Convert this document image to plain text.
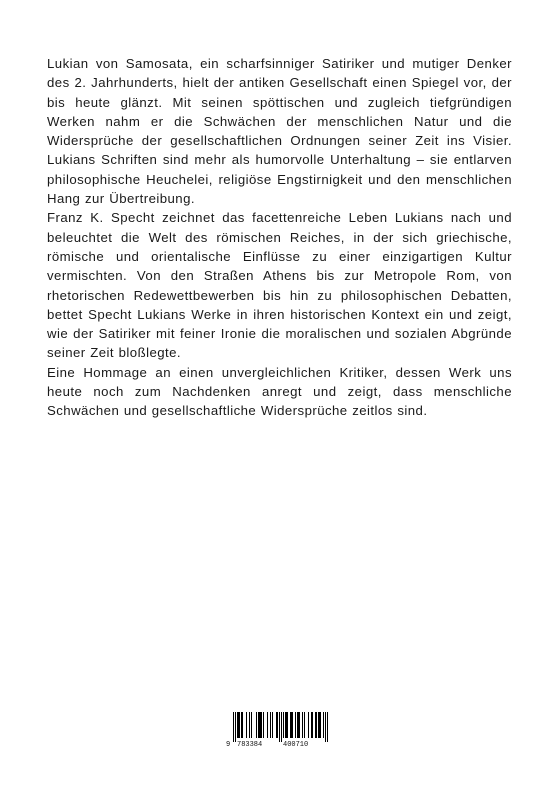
Lukian von Samosata, ein scharfsinniger Satiriker und mutiger Denker des 2. Jahrhunderts, hielt der antiken Gesellschaft einen Spiegel vor, der bis heute glänzt. Mit seinen spöttischen und zugleich tiefgründigen Werken nahm er die Schwächen der menschlichen Natur und die Widersprüche der gesellschaftlichen Ordnungen seiner Zeit ins Visier. Lukians Schriften sind mehr als humorvolle Unterhaltung – sie entlarven philosophische Heuchelei, religiöse Engstirnigkeit und den menschlichen Hang zur Übertreibung.

Franz K. Specht zeichnet das facettenreiche Leben Lukians nach und beleuchtet die Welt des römischen Reiches, in der sich griechische, römische und orientalische Einflüsse zu einer einzigartigen Kultur vermischten. Von den Straßen Athens bis zur Metropole Rom, von rhetorischen Redewettbewerben bis hin zu philosophischen Debatten, bettet Specht Lukians Werke in ihren historischen Kontext ein und zeigt, wie der Satiriker mit feiner Ironie die moralischen und sozialen Abgründe seiner Zeit bloßlegte.

Eine Hommage an einen unvergleichlichen Kritiker, dessen Werk uns heute noch zum Nachdenken anregt und zeigt, dass menschliche Schwächen und gesellschaftliche Widersprüche zeitlos sind.

9 783384	400710
